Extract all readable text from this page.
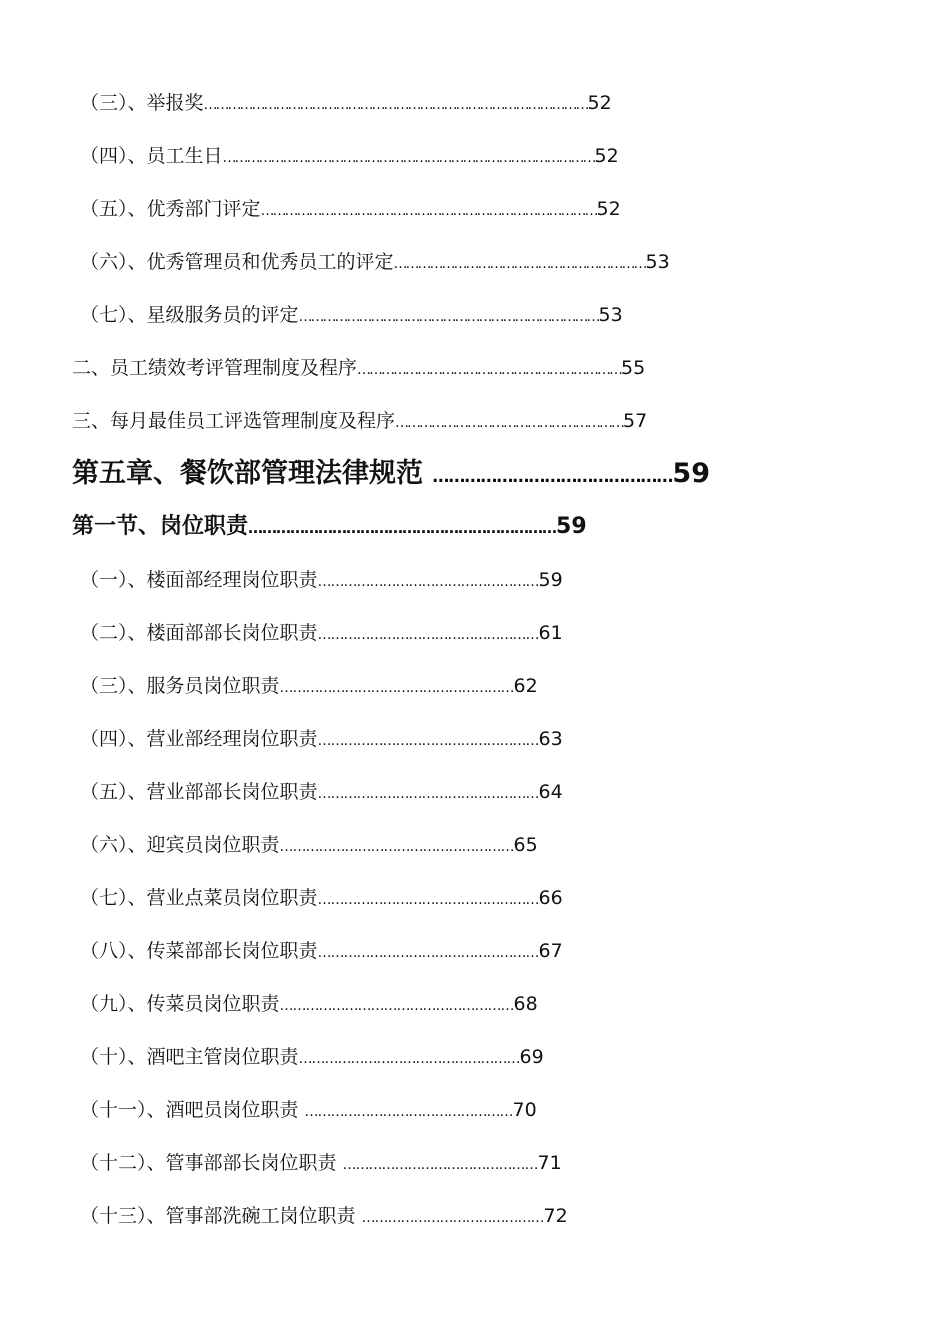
（三）、举报奖……………………………………………………………………………………52
（四）、员工生日…………………………………………………………………………………52
（五）、优秀部门评定…………………………………………………………………………52
（六）、优秀管理员和优秀员工的评定………………………………………………………53
（七）、星级服务员的评定…………………………………………………………………53
二、员工绩效考评管理制度及程序…………………………………………………………55
三、每月最佳员工评选管理制度及程序…………………………………………………57
第五章、餐饮部管理法律规范 ………………………………………59
第一节、岗位职责…………………………………………………………59
（一）、楼面部经理岗位职责……………………………………………59
（二）、楼面部部长岗位职责……………………………………………61
（三）、服务员岗位职责………………………………………………62
（四）、营业部经理岗位职责……………………………………………63
（五）、营业部部长岗位职责……………………………………………64
（六）、迎宾员岗位职责………………………………………………65
（七）、营业点菜员岗位职责……………………………………………66
（八）、传菜部部长岗位职责……………………………………………67
（九）、传菜员岗位职责………………………………………………68
（十）、酒吧主管岗位职责……………………………………………69
（十一）、酒吧员岗位职责 …………………………………………70
（十二）、管事部部长岗位职责 ………………………………………71
（十三）、管事部洗碗工岗位职责 ……………………………………72
